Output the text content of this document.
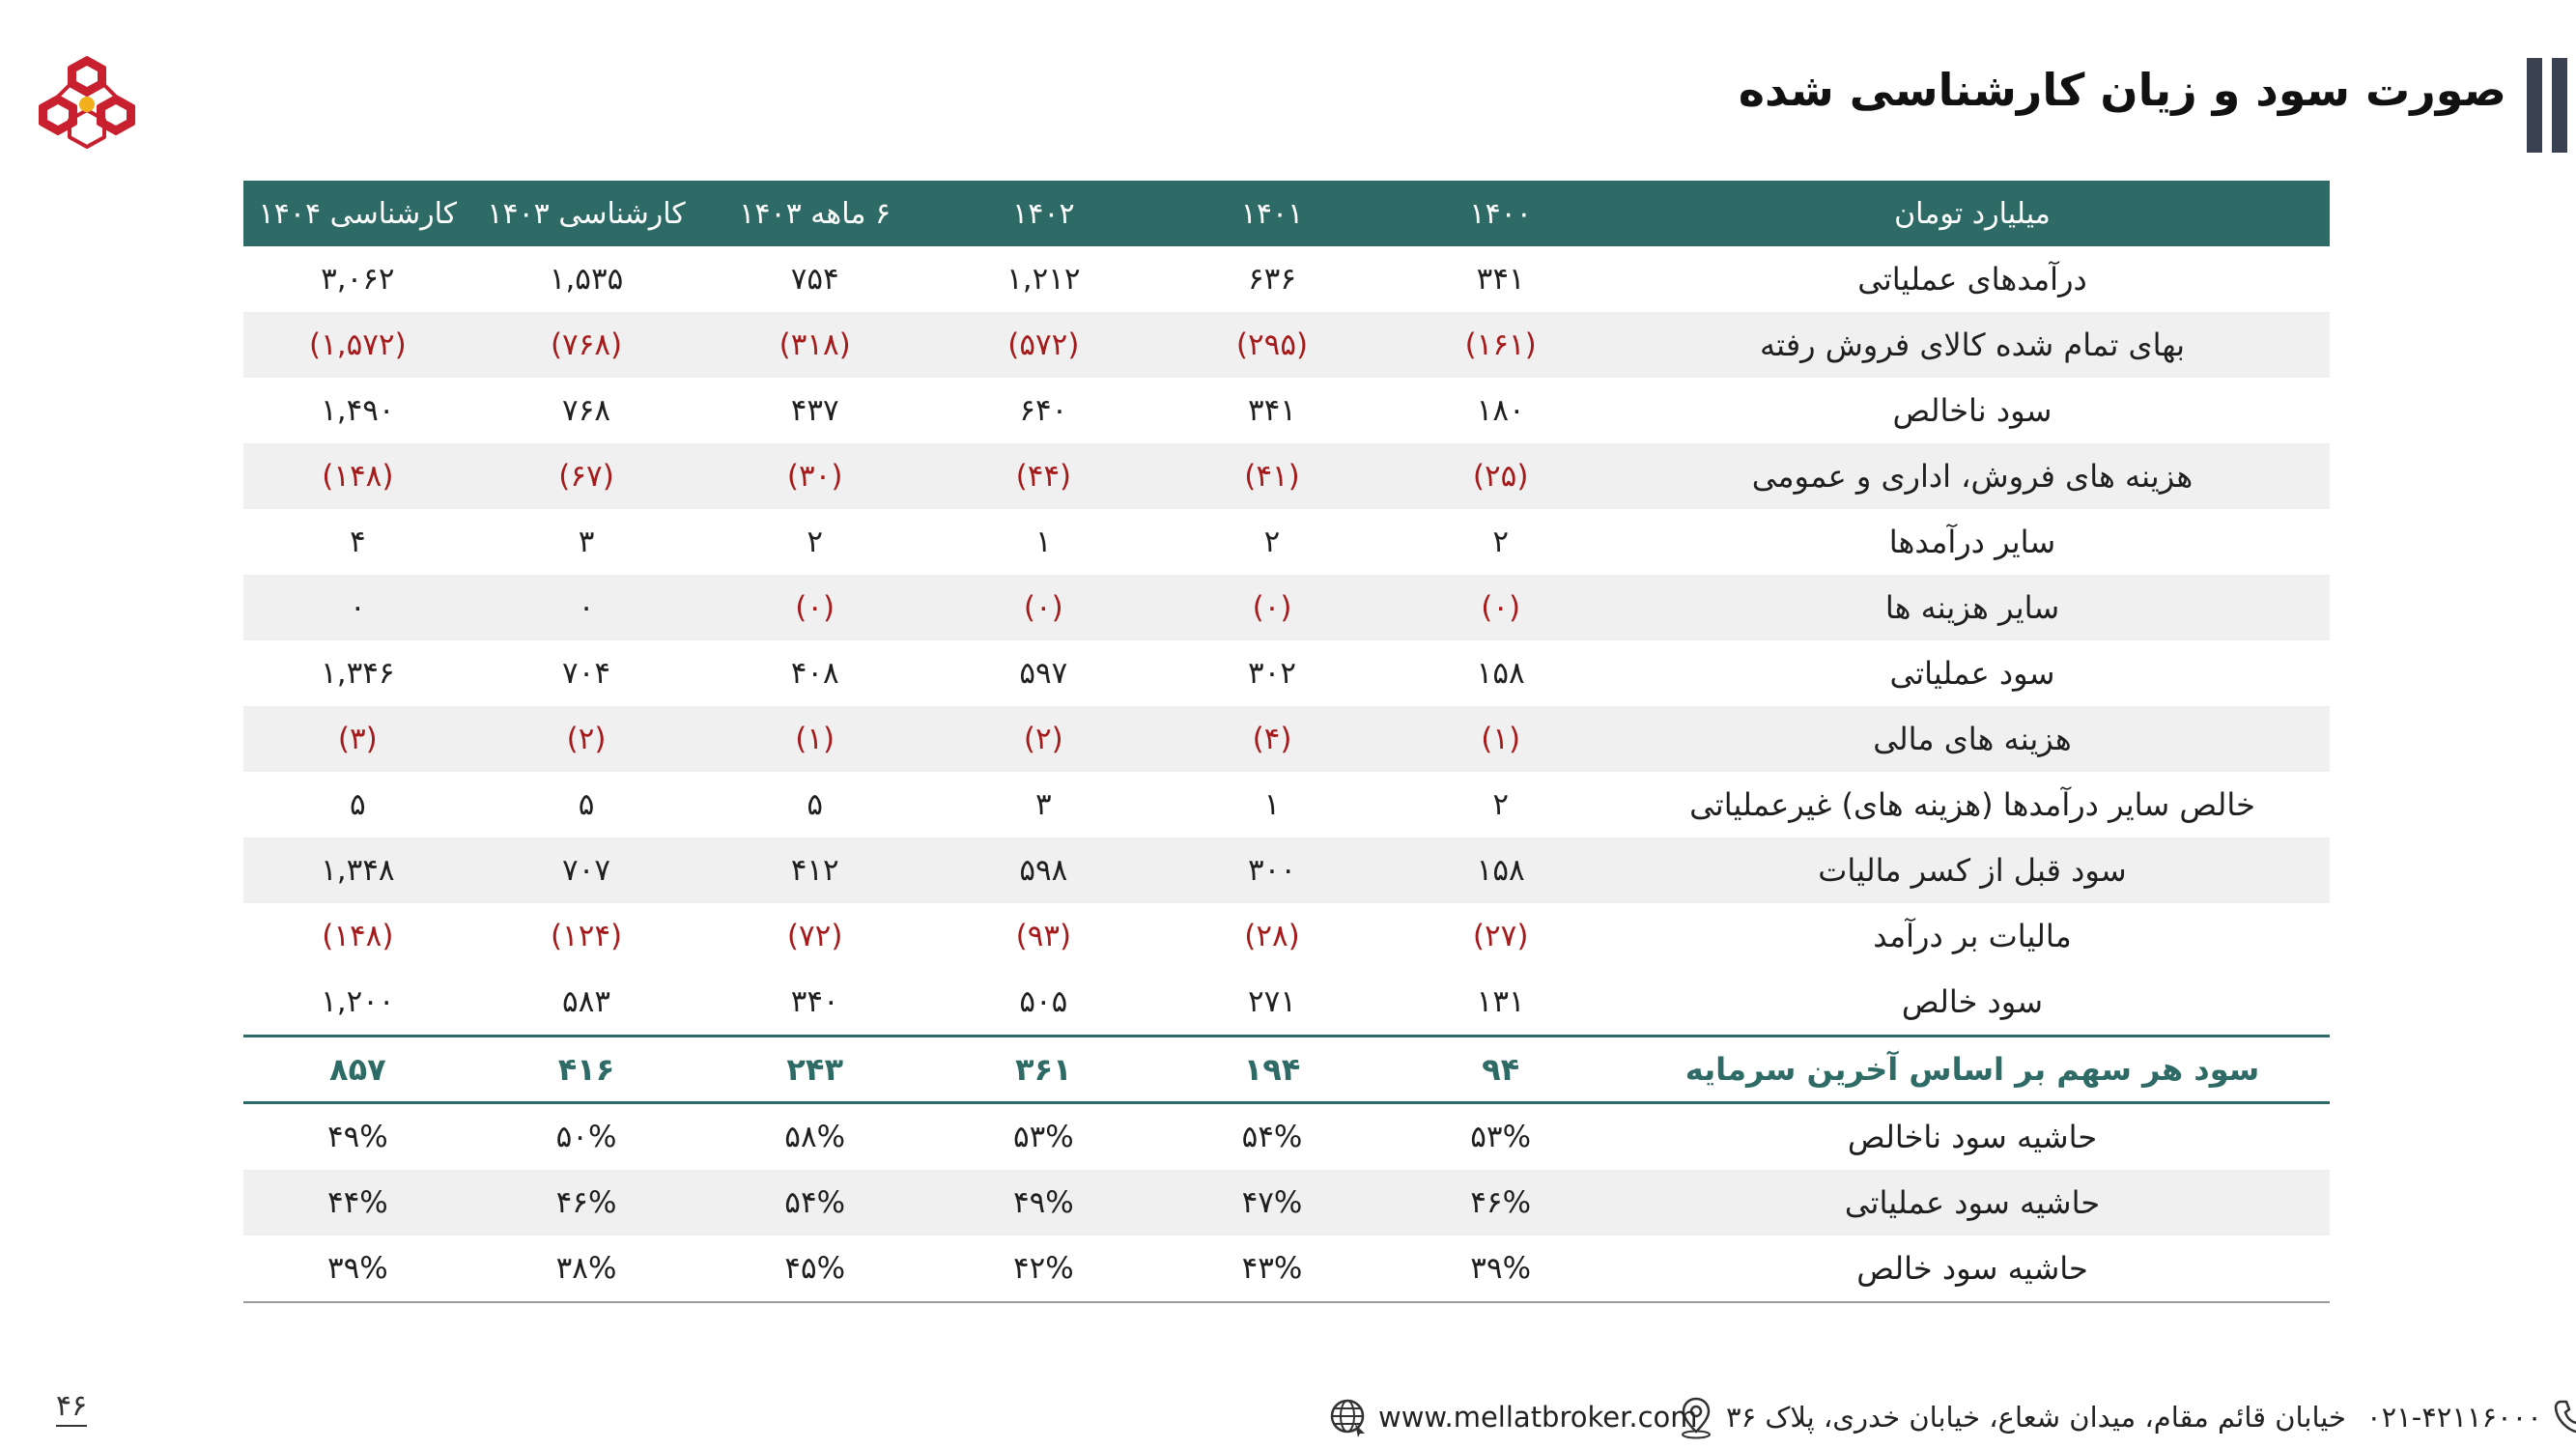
صورت سود و زیان کارشناسی شده
میلیارد تومان	۱۴۰۰	۱۴۰۱	۱۴۰۲	۶ ماهه ۱۴۰۳	کارشناسی ۱۴۰۳	کارشناسی ۱۴۰۴
درآمدهای عملیاتی	۳۴۱	۶۳۶	۱,۲۱۲	۷۵۴	۱,۵۳۵	۳,۰۶۲
بهای تمام شده کالای فروش رفته	(۱۶۱)	(۲۹۵)	(۵۷۲)	(۳۱۸)	(۷۶۸)	(۱,۵۷۲)
سود ناخالص	۱۸۰	۳۴۱	۶۴۰	۴۳۷	۷۶۸	۱,۴۹۰
هزینه های فروش، اداری و عمومی	(۲۵)	(۴۱)	(۴۴)	(۳۰)	(۶۷)	(۱۴۸)
سایر درآمدها	۲	۲	۱	۲	۳	۴
سایر هزینه ها	(۰)	(۰)	(۰)	(۰)	۰	۰
سود عملیاتی	۱۵۸	۳۰۲	۵۹۷	۴۰۸	۷۰۴	۱,۳۴۶
هزینه های مالی	(۱)	(۴)	(۲)	(۱)	(۲)	(۳)
خالص سایر درآمدها (هزینه های) غیرعملیاتی	۲	۱	۳	۵	۵	۵
سود قبل از کسر مالیات	۱۵۸	۳۰۰	۵۹۸	۴۱۲	۷۰۷	۱,۳۴۸
مالیات بر درآمد	(۲۷)	(۲۸)	(۹۳)	(۷۲)	(۱۲۴)	(۱۴۸)
سود خالص	۱۳۱	۲۷۱	۵۰۵	۳۴۰	۵۸۳	۱,۲۰۰
سود هر سهم بر اساس آخرین سرمایه	۹۴	۱۹۴	۳۶۱	۲۴۳	۴۱۶	۸۵۷
حاشیه سود ناخالص	۵۳%	۵۴%	۵۳%	۵۸%	۵۰%	۴۹%
حاشیه سود عملیاتی	۴۶%	۴۷%	۴۹%	۵۴%	۴۶%	۴۴%
حاشیه سود خالص	۳۹%	۴۳%	۴۲%	۴۵%	۳۸%	۳۹%
۰۲۱-۴۲۱۱۶۰۰۰
خیابان قائم مقام، میدان شعاع، خیابان خدری، پلاک ۳۶
www.mellatbroker.com
۴۶
